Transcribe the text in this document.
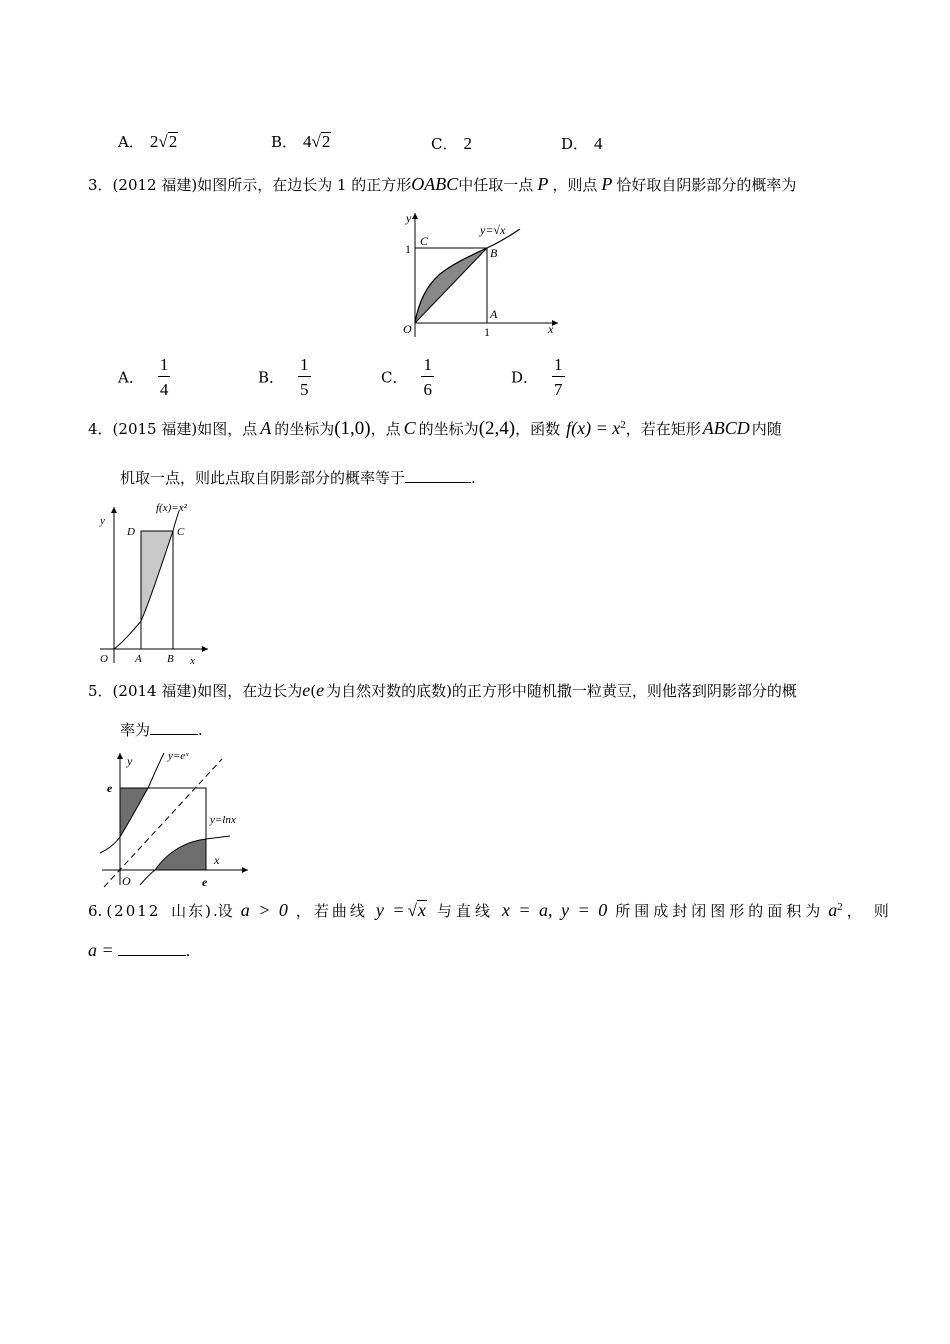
A． 2√2	B． 4√2	C． 2	D． 4
3．(2012 福建)如图所示，在边长为 1 的正方形OABC中任取一点 P ，则点 P 恰好取自阴影部分的概率为
y=√x
y
x
O
1
1
C
B
A
A． $\frac{1}{4}$	B． $\frac{1}{5}$	C． $\frac{1}{6}$	D． $\frac{1}{7}$
4．(2015 福建)如图，点 A 的坐标为(1,0)，点 C 的坐标为(2,4)，函数 $f(x) = x^2$，若在矩形 ABCD 内随
机取一点，则此点取自阴影部分的概率等于	.
f(x)=x²
y
x
O
D	C
A B
5．(2014 福建)如图，在边长为e(e 为自然对数的底数)的正方形中随机撒一粒黄豆，则他落到阴影部分的概
率为	.
y=eˣ
y=lnx
y
x
O
e
e
6. (2012 山东).设 a > 0 ，若曲线 y = √x 与直线 x = a, y = 0 所围成封闭图形的面积为 $a^2$ ，则
a =	.
